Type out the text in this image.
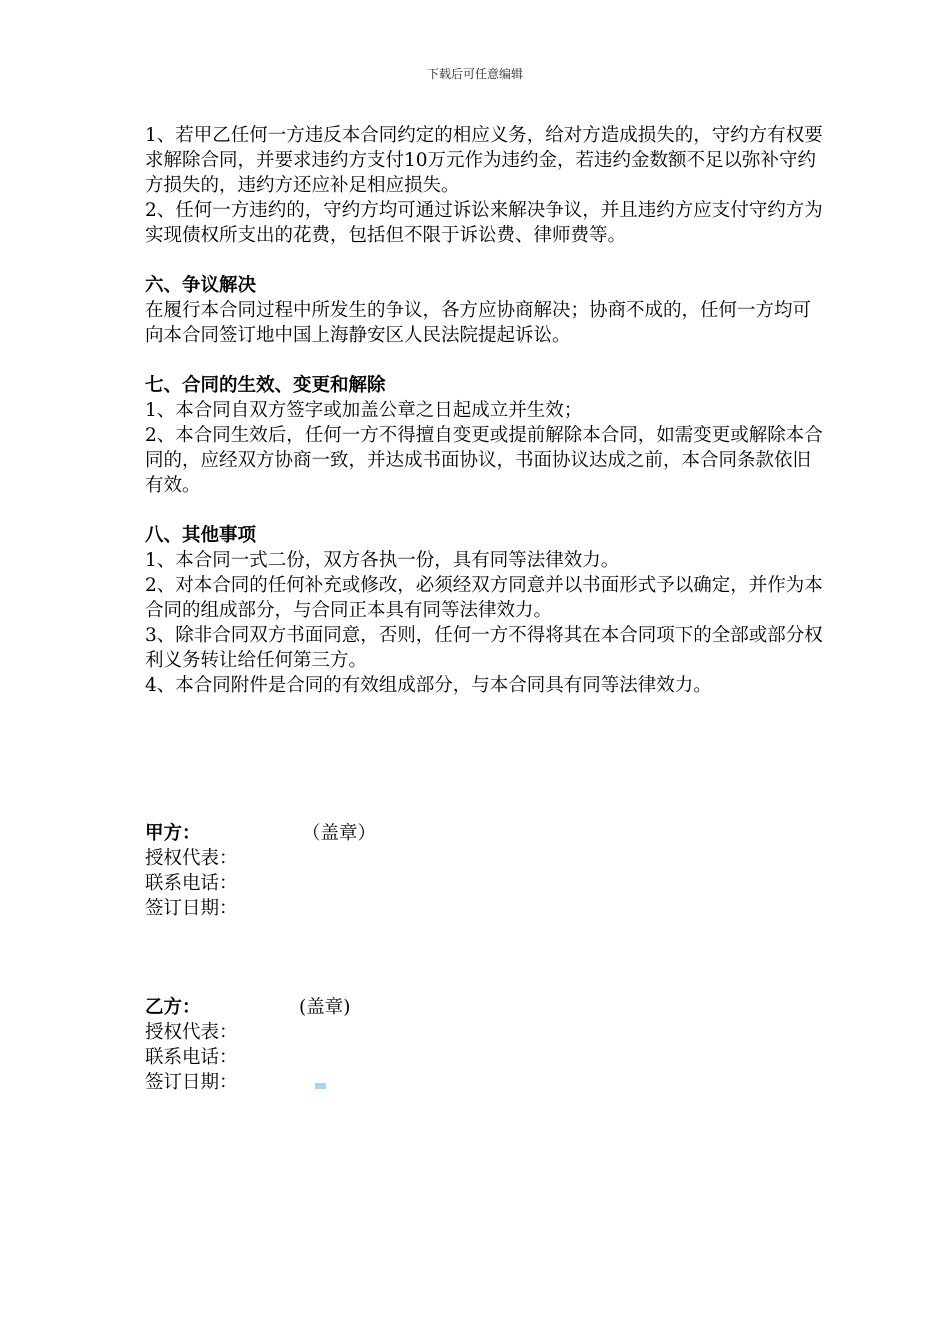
下载后可任意编辑

1、若甲乙任何一方违反本合同约定的相应义务，给对方造成损失的，守约方有权要求解除合同，并要求违约方支付10万元作为违约金，若违约金数额不足以弥补守约方损失的，违约方还应补足相应损失。

2、任何一方违约的，守约方均可通过诉讼来解决争议，并且违约方应支付守约方为实现债权所支出的花费，包括但不限于诉讼费、律师费等。

六、争议解决

在履行本合同过程中所发生的争议，各方应协商解决；协商不成的，任何一方均可向本合同签订地中国上海静安区人民法院提起诉讼。

七、合同的生效、变更和解除

1、本合同自双方签字或加盖公章之日起成立并生效；

2、本合同生效后，任何一方不得擅自变更或提前解除本合同，如需变更或解除本合同的，应经双方协商一致，并达成书面协议，书面协议达成之前，本合同条款依旧有效。

八、其他事项

1、本合同一式二份，双方各执一份，具有同等法律效力。

2、对本合同的任何补充或修改，必须经双方同意并以书面形式予以确定，并作为本合同的组成部分，与合同正本具有同等法律效力。

3、除非合同双方书面同意，否则，任何一方不得将其在本合同项下的全部或部分权利义务转让给任何第三方。

4、本合同附件是合同的有效组成部分，与本合同具有同等法律效力。

甲方：	（盖章）
授权代表：
联系电话：
签订日期：
乙方：	(盖章)
授权代表：
联系电话：
签订日期：
